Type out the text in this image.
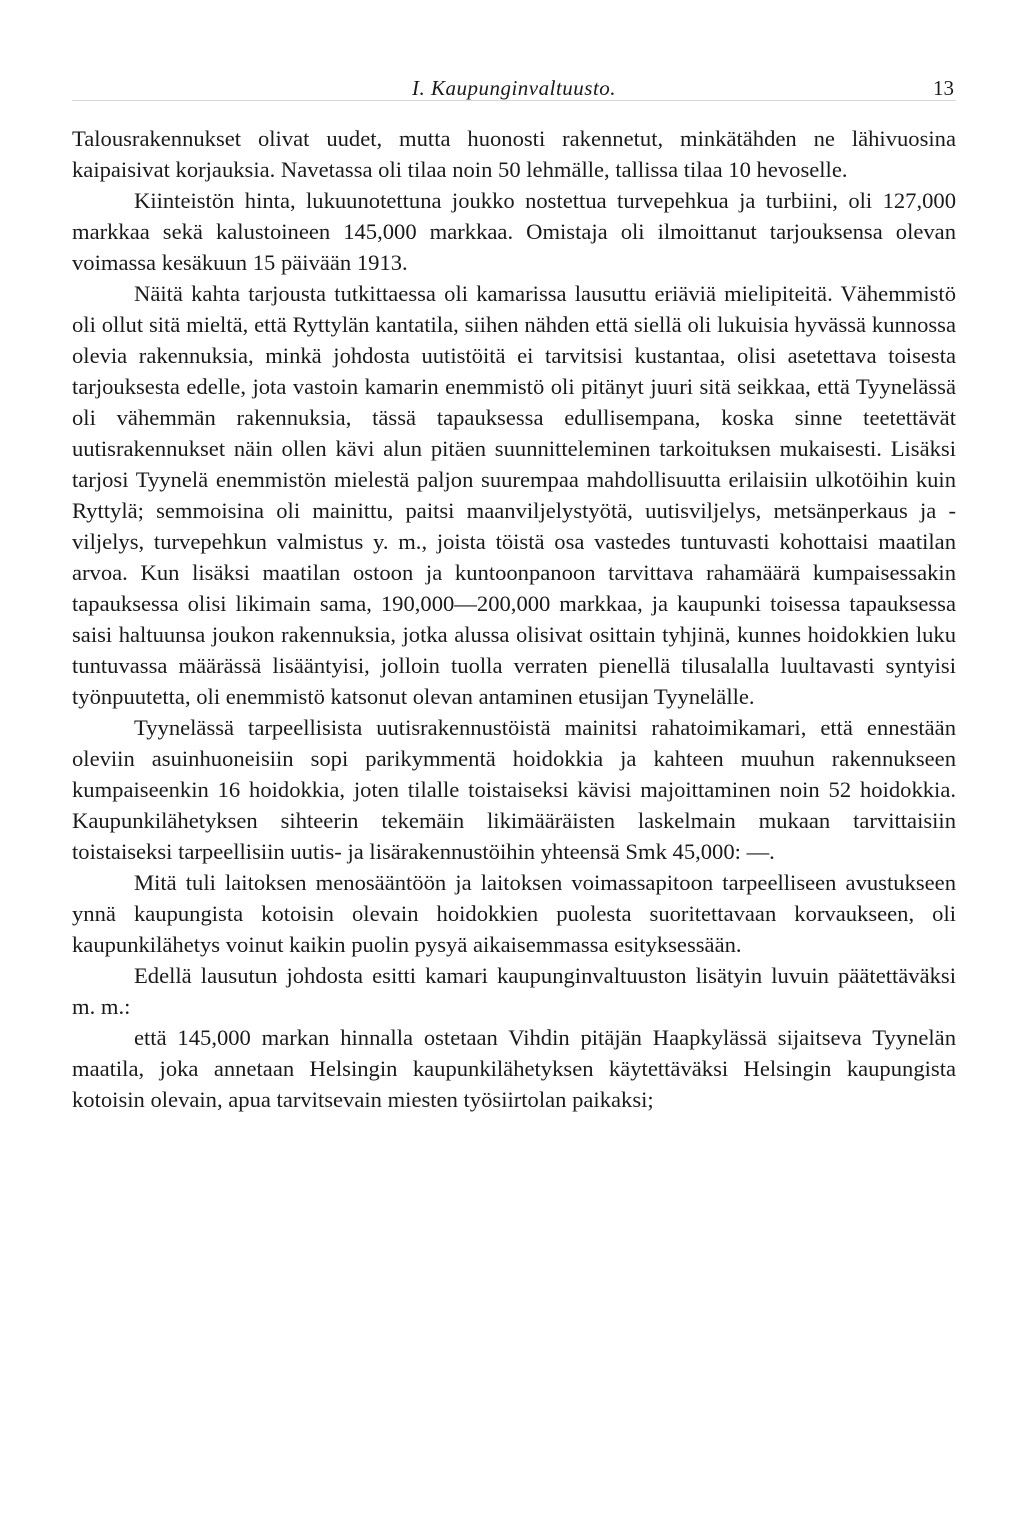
I. Kaupunginvaltuusto.	13

Talousrakennukset olivat uudet, mutta huonosti rakennetut, minkätähden ne lähivuosina kaipaisivat korjauksia. Navetassa oli tilaa noin 50 lehmälle, tallissa tilaa 10 hevoselle.

Kiinteistön hinta, lukuunotettuna joukko nostettua turvepehkua ja turbiini, oli 127,000 markkaa sekä kalustoineen 145,000 markkaa. Omistaja oli ilmoittanut tarjouksensa olevan voimassa kesäkuun 15 päivään 1913.

Näitä kahta tarjousta tutkittaessa oli kamarissa lausuttu eriäviä mielipiteitä. Vähemmistö oli ollut sitä mieltä, että Ryttylän kantatila, siihen nähden että siellä oli lukuisia hyvässä kunnossa olevia rakennuksia, minkä johdosta uutistöitä ei tarvitsisi kustantaa, olisi asetettava toisesta tarjouksesta edelle, jota vastoin kamarin enemmistö oli pitänyt juuri sitä seikkaa, että Tyynelässä oli vähemmän rakennuksia, tässä tapauksessa edullisempana, koska sinne teetettävät uutisrakennukset näin ollen kävi alun pitäen suunnitteleminen tarkoituksen mukaisesti. Lisäksi tarjosi Tyynelä enemmistön mielestä paljon suurempaa mahdollisuutta erilaisiin ulkotöihin kuin Ryttylä; semmoisina oli mainittu, paitsi maanviljelystyötä, uutisviljelys, metsänperkaus ja -viljelys, turvepehkun valmistus y. m., joista töistä osa vastedes tuntuvasti kohottaisi maatilan arvoa. Kun lisäksi maatilan ostoon ja kuntoonpanoon tarvittava rahamäärä kumpaisessakin tapauksessa olisi likimain sama, 190,000—200,000 markkaa, ja kaupunki toisessa tapauksessa saisi haltuunsa joukon rakennuksia, jotka alussa olisivat osittain tyhjinä, kunnes hoidokkien luku tuntuvassa määrässä lisääntyisi, jolloin tuolla verraten pienellä tilusalalla luultavasti syntyisi työnpuutetta, oli enemmistö katsonut olevan antaminen etusijan Tyynelälle.

Tyynelässä tarpeellisista uutisrakennustöistä mainitsi rahatoimikamari, että ennestään oleviin asuinhuoneisiin sopi parikymmentä hoidokkia ja kahteen muuhun rakennukseen kumpaiseenkin 16 hoidokkia, joten tilalle toistaiseksi kävisi majoittaminen noin 52 hoidokkia. Kaupunkilähetyksen sihteerin tekemäin likimääräisten laskelmain mukaan tarvittaisiin toistaiseksi tarpeellisiin uutis- ja lisärakennustöihin yhteensä Smk 45,000: —.

Mitä tuli laitoksen menosääntöön ja laitoksen voimassapitoon tarpeelliseen avustukseen ynnä kaupungista kotoisin olevain hoidokkien puolesta suoritettavaan korvaukseen, oli kaupunkilähetys voinut kaikin puolin pysyä aikaisemmassa esityksessään.

Edellä lausutun johdosta esitti kamari kaupunginvaltuuston lisätyin luvuin päätettäväksi m. m.:

että 145,000 markan hinnalla ostetaan Vihdin pitäjän Haapkylässä sijaitseva Tyynelän maatila, joka annetaan Helsingin kaupunkilähetyksen käytettäväksi Helsingin kaupungista kotoisin olevain, apua tarvitsevain miesten työsiirtolan paikaksi;
